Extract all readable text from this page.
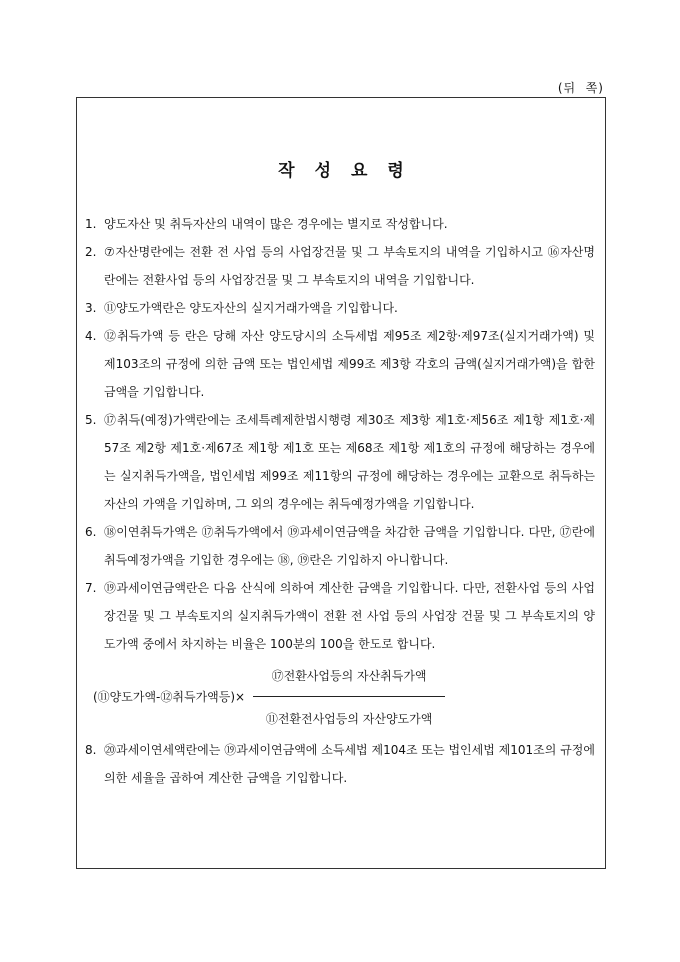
(뒤  쪽)
작성요령
1. 양도자산 및 취득자산의 내역이 많은 경우에는 별지로 작성합니다.
2. ⑦자산명란에는 전환 전 사업 등의 사업장건물 및 그 부속토지의 내역을 기입하시고 ⑯자산명란에는 전환사업 등의 사업장건물 및 그 부속토지의 내역을 기입합니다.
3. ⑪양도가액란은 양도자산의 실지거래가액을 기입합니다.
4. ⑫취득가액 등 란은 당해 자산 양도당시의 소득세법 제95조 제2항·제97조(실지거래가액) 및 제103조의 규정에 의한 금액 또는 법인세법 제99조 제3항 각호의 금액(실지거래가액)을 합한 금액을 기입합니다.
5. ⑰취득(예정)가액란에는 조세특례제한법시행령 제30조 제3항 제1호·제56조 제1항 제1호·제57조 제2항 제1호·제67조 제1항 제1호 또는 제68조 제1항 제1호의 규정에 해당하는 경우에는 실지취득가액을, 법인세법 제99조 제11항의 규정에 해당하는 경우에는 교환으로 취득하는 자산의 가액을 기입하며, 그 외의 경우에는 취득예정가액을 기입합니다.
6. ⑱이연취득가액은 ⑰취득가액에서 ⑲과세이연금액을 차감한 금액을 기입합니다. 다만, ⑰란에 취득예정가액을 기입한 경우에는 ⑱, ⑲란은 기입하지 아니합니다.
7. ⑲과세이연금액란은 다음 산식에 의하여 계산한 금액을 기입합니다. 다만, 전환사업 등의 사업장건물 및 그 부속토지의 실지취득가액이 전환 전 사업 등의 사업장 건물 및 그 부속토지의 양도가액 중에서 차지하는 비율은 100분의 100을 한도로 합니다.
(⑪양도가액-⑫취득가액등)× $\frac{\text{⑰전환사업등의 자산취득가액}}{\text{⑪전환전사업등의 자산양도가액}}$
8. ⑳과세이연세액란에는 ⑲과세이연금액에 소득세법 제104조 또는 법인세법 제101조의 규정에 의한 세율을 곱하여 계산한 금액을 기입합니다.
